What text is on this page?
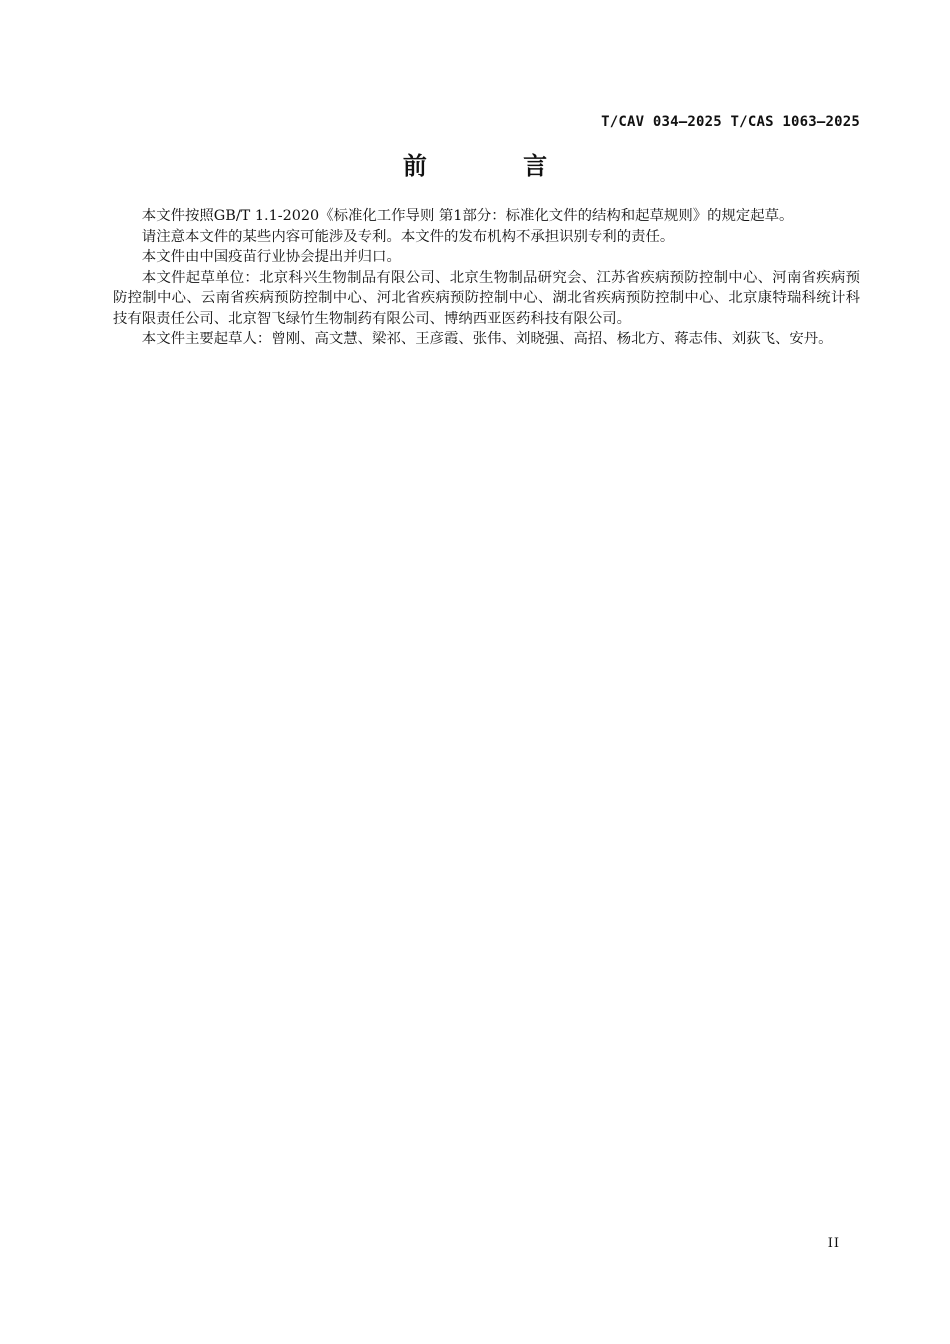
T/CAV 034—2025 T/CAS 1063—2025
前 言

本文件按照GB/T 1.1-2020《标准化工作导则 第1部分：标准化文件的结构和起草规则》的规定起草。

请注意本文件的某些内容可能涉及专利。本文件的发布机构不承担识别专利的责任。

本文件由中国疫苗行业协会提出并归口。

本文件起草单位：北京科兴生物制品有限公司、北京生物制品研究会、江苏省疾病预防控制中心、河南省疾病预防控制中心、云南省疾病预防控制中心、河北省疾病预防控制中心、湖北省疾病预防控制中心、北京康特瑞科统计科技有限责任公司、北京智飞绿竹生物制药有限公司、博纳西亚医药科技有限公司。

本文件主要起草人：曾刚、高文慧、梁祁、王彦霞、张伟、刘晓强、高招、杨北方、蒋志伟、刘荻飞、安丹。

II
